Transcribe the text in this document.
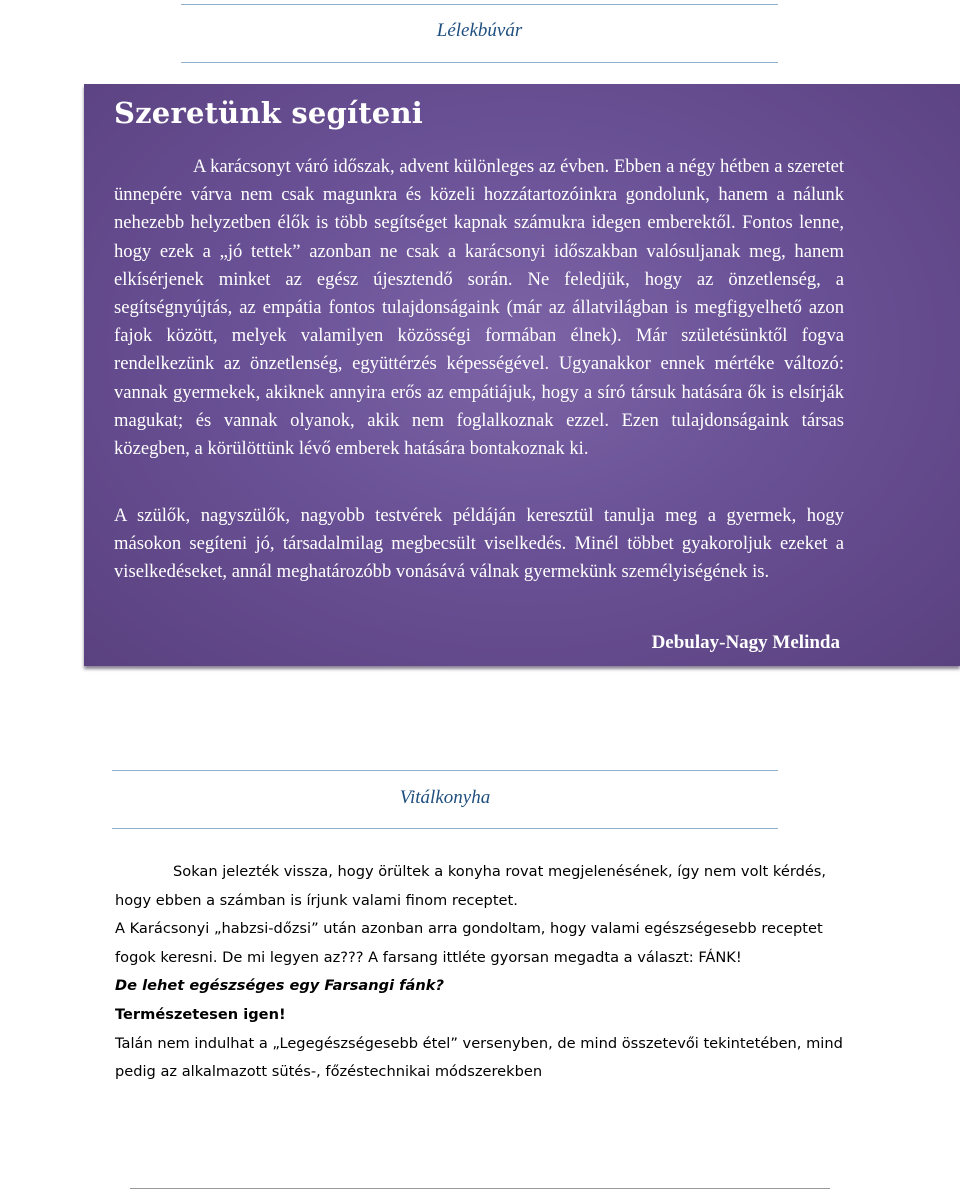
Lélekbúvár
Szeretünk segíteni

A karácsonyt váró időszak, advent különleges az évben. Ebben a négy hétben a szeretet ünnepére várva nem csak magunkra és közeli hozzátartozóinkra gondolunk, hanem a nálunk nehezebb helyzetben élők is több segítséget kapnak számukra idegen emberektől. Fontos lenne, hogy ezek a „jó tettek” azonban ne csak a karácsonyi időszakban valósuljanak meg, hanem elkísérjenek minket az egész újesztendő során. Ne feledjük, hogy az önzetlenség, a segítségnyújtás, az empátia fontos tulajdonságaink (már az állatvilágban is megfigyelhető azon fajok között, melyek valamilyen közösségi formában élnek). Már születésünktől fogva rendelkezünk az önzetlenség, együttérzés képességével. Ugyanakkor ennek mértéke változó: vannak gyermekek, akiknek annyira erős az empátiájuk, hogy a síró társuk hatására ők is elsírják magukat; és vannak olyanok, akik nem foglalkoznak ezzel. Ezen tulajdonságaink társas közegben, a körülöttünk lévő emberek hatására bontakoznak ki.

A szülők, nagyszülők, nagyobb testvérek példáján keresztül tanulja meg a gyermek, hogy másokon segíteni jó, társadalmilag megbecsült viselkedés. Minél többet gyakoroljuk ezeket a viselkedéseket, annál meghatározóbb vonásává válnak gyermekünk személyiségének is.

Debulay-Nagy Melinda
Vitálkonyha

Sokan jelezték vissza, hogy örültek a konyha rovat megjelenésének, így nem volt kérdés, hogy ebben a számban is írjunk valami finom receptet.

A Karácsonyi „habzsi-dőzsi” után azonban arra gondoltam, hogy valami egészségesebb receptet fogok keresni. De mi legyen az??? A farsang ittléte gyorsan megadta a választ: FÁNK!

De lehet egészséges egy Farsangi fánk?

Természetesen igen!

Talán nem indulhat a „Legegészségesebb étel” versenyben, de mind összetevői tekintetében, mind pedig az alkalmazott sütés-, főzéstechnikai módszerekben
